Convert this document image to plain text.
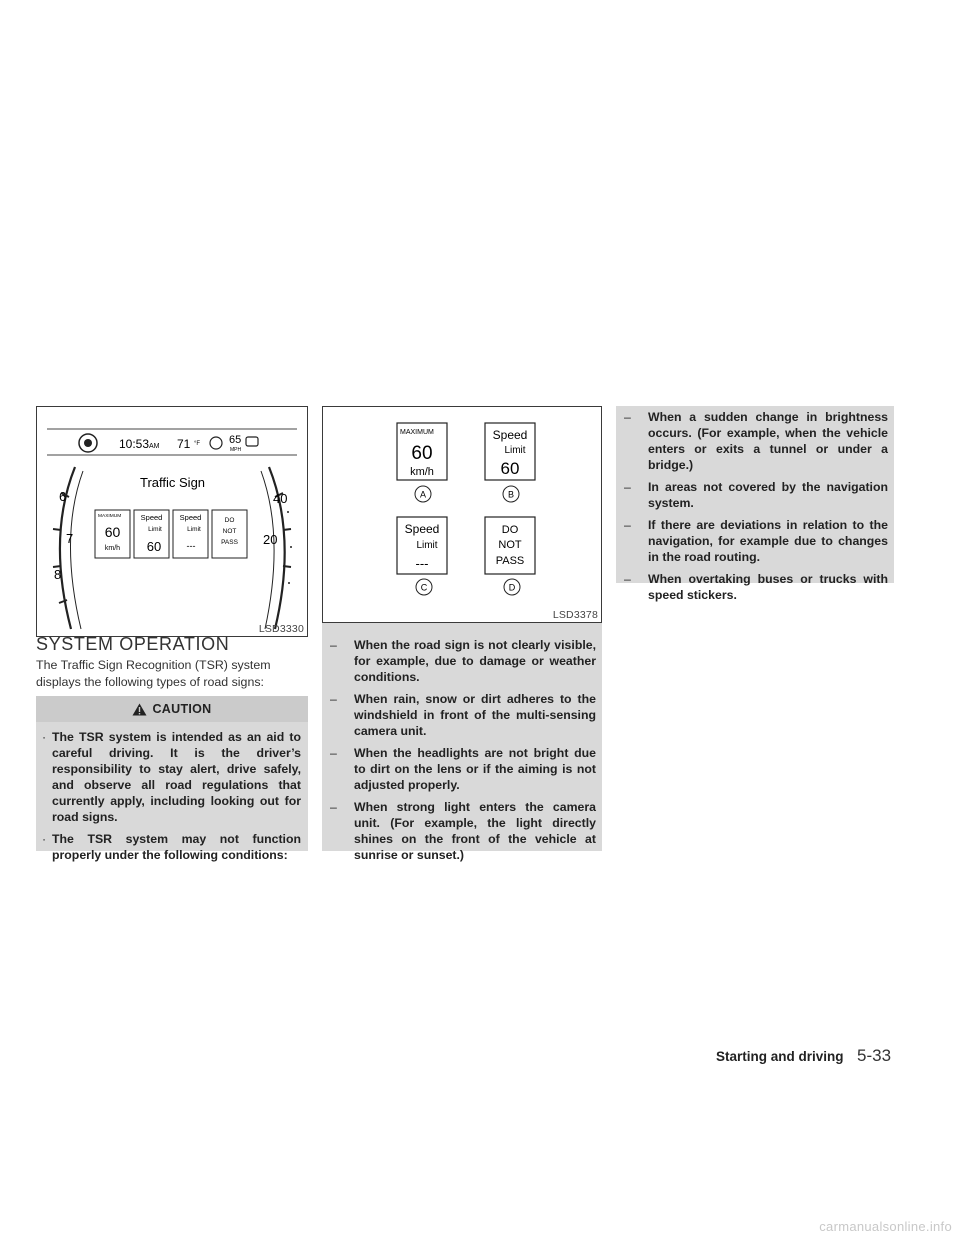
10:53 AM 71 °F	65
MPH
Traffic Sign
6
7
8
40
20
MAXIMUM
60
km/h
Speed
Limit
60
Speed
Limit
---
DO
NOT
PASS
LSD3330
MAXIMUM
60
km/h
A
Speed
Limit
60
B
Speed
Limit
---
C
DO
NOT
PASS
D
LSD3378
SYSTEM OPERATION
The Traffic Sign Recognition (TSR) system displays the following types of road signs:
CAUTION
· The TSR system is intended as an aid to careful driving. It is the driver’s responsibility to stay alert, drive safely, and observe all road regulations that currently apply, including looking out for road signs.
· The TSR system may not function properly under the following conditions:
– When the road sign is not clearly visible, for example, due to damage or weather conditions.
– When rain, snow or dirt adheres to the windshield in front of the multi-sensing camera unit.
– When the headlights are not bright due to dirt on the lens or if the aiming is not adjusted properly.
– When strong light enters the camera unit. (For example, the light directly shines on the front of the vehicle at sunrise or sunset.)
– When a sudden change in brightness occurs. (For example, when the vehicle enters or exits a tunnel or under a bridge.)
– In areas not covered by the navigation system.
– If there are deviations in relation to the navigation, for example due to changes in the road routing.
– When overtaking buses or trucks with speed stickers.
Starting and driving 5-33
carmanualsonline.info
